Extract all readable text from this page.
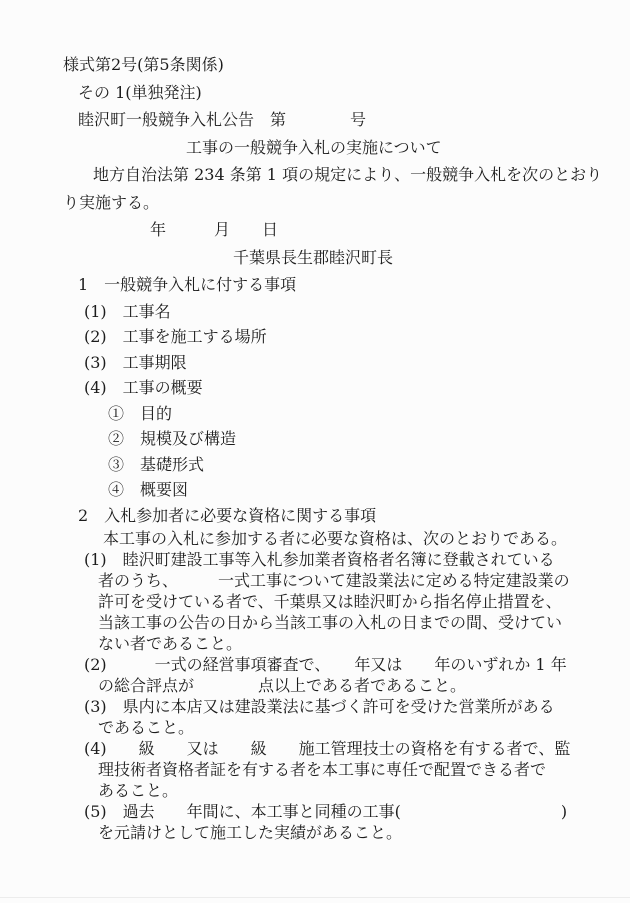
様式第2号(第5条関係)
その 1(単独発注)
睦沢町一般競争入札公告　第　　　　号
工事の一般競争入札の実施について
地方自治法第 234 条第 1 項の規定により、一般競争入札を次のとおり
り実施する。
年　　　月　　日
千葉県長生郡睦沢町長
1　一般競争入札に付する事項
(1)　工事名
(2)　工事を施工する場所
(3)　工事期限
(4)　工事の概要
①　目的
②　規模及び構造
③　基礎形式
④　概要図
2　入札参加者に必要な資格に関する事項
本工事の入札に参加する者に必要な資格は、次のとおりである。
(1)　睦沢町建設工事等入札参加業者資格者名簿に登載されている
者のうち、　　　一式工事について建設業法に定める特定建設業の
許可を受けている者で、千葉県又は睦沢町から指名停止措置を、
当該工事の公告の日から当該工事の入札の日までの間、受けてい
ない者であること。
(2)　　　一式の経営事項審査で、　　年又は　　年のいずれか 1 年
の総合評点が　　　　点以上である者であること。
(3)　県内に本店又は建設業法に基づく許可を受けた営業所がある
であること。
(4)　　級　　又は　　級　　施工管理技士の資格を有する者で、監
理技術者資格者証を有する者を本工事に専任で配置できる者で
あること。
(5)　過去　　年間に、本工事と同種の工事(　　　　　　　　　　)
を元請けとして施工した実績があること。
